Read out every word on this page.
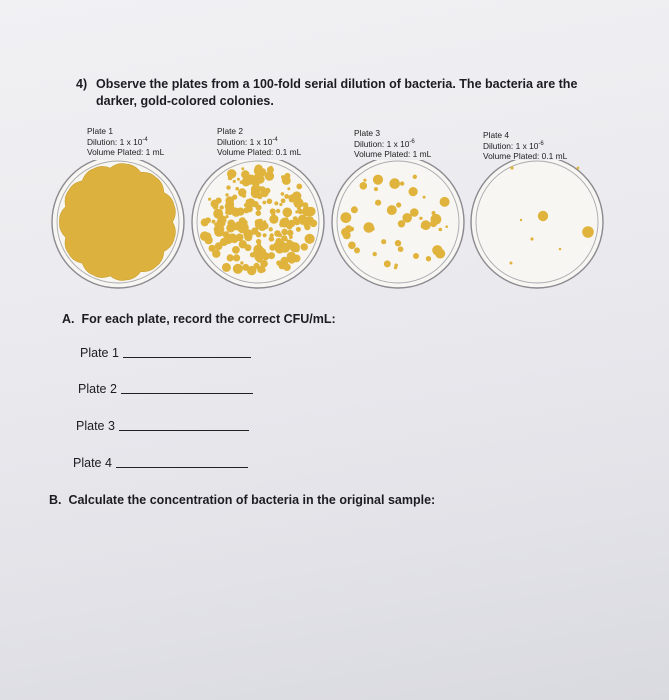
4) Observe the plates from a 100-fold serial dilution of bacteria. The bacteria are the
darker, gold-colored colonies.
Plate 1
Dilution: 1 x $10^{-4}$
Volume Plated: 1 mL
Plate 2
Dilution: 1 x $10^{-4}$
Volume Plated: 0.1 mL
Plate 3
Dilution: 1 x $10^{-6}$
Volume Plated: 1 mL
Plate 4
Dilution: 1 x $10^{-6}$
Volume Plated: 0.1 mL
A. For each plate, record the correct CFU/mL:
Plate 1
Plate 2
Plate 3
Plate 4
B. Calculate the concentration of bacteria in the original sample:
